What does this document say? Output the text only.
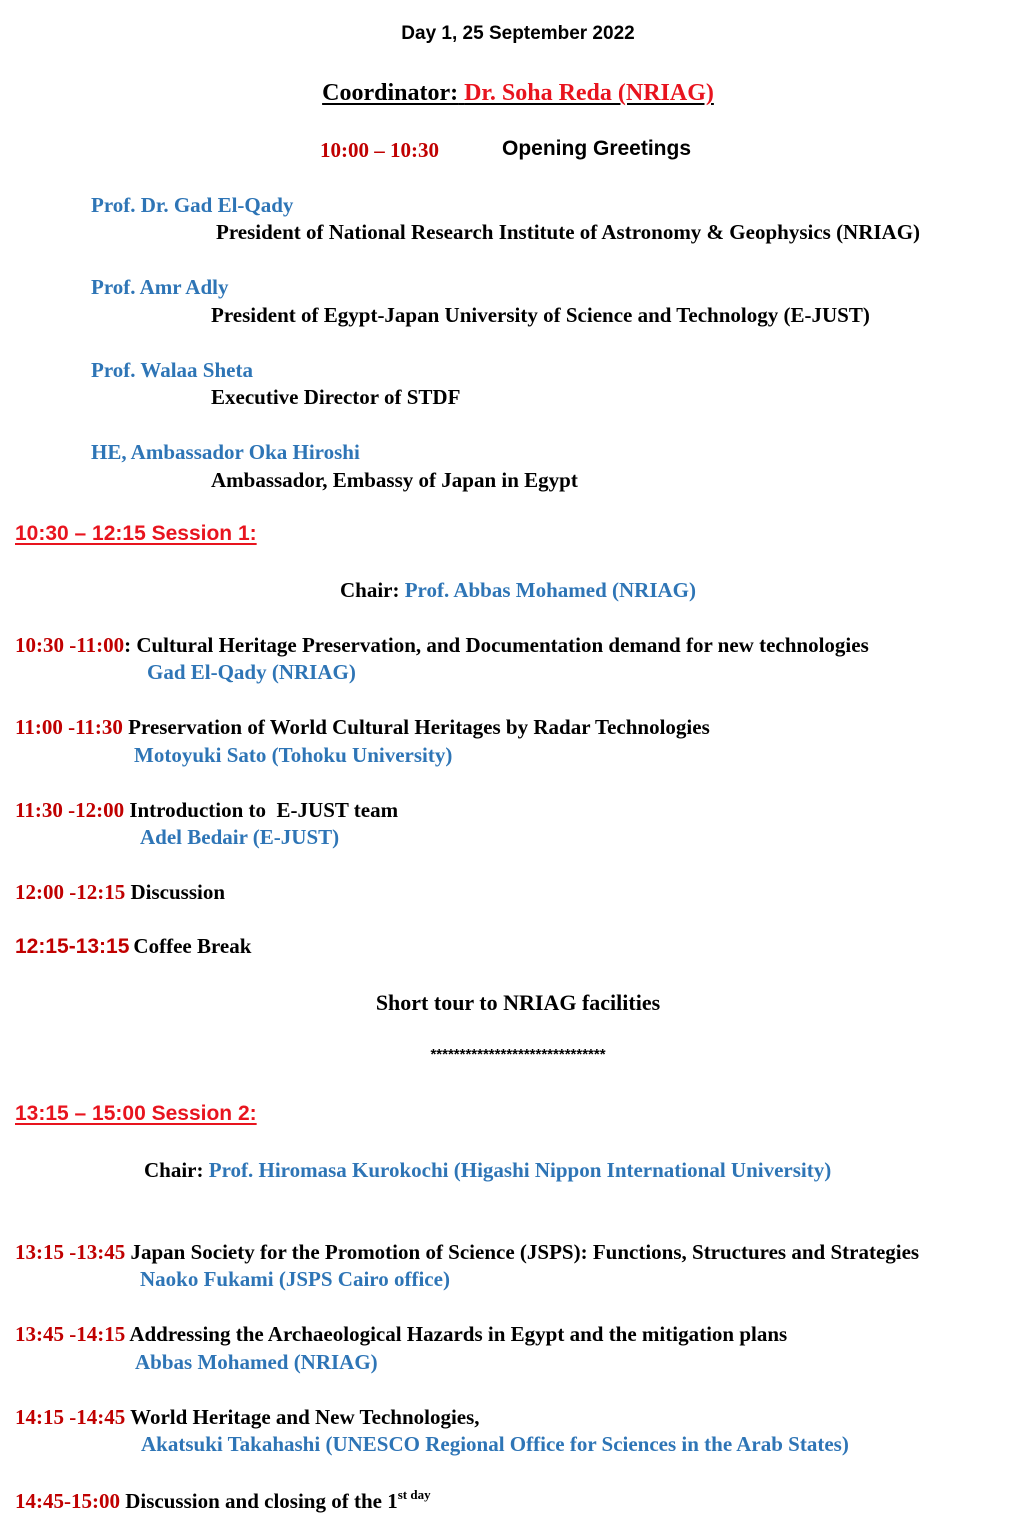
Day 1, 25 September 2022
Coordinator: Dr. Soha Reda (NRIAG)
10:00 – 10:30	Opening Greetings
Prof. Dr. Gad El-Qady
President of National Research Institute of Astronomy & Geophysics (NRIAG)
Prof. Amr Adly
President of Egypt-Japan University of Science and Technology (E-JUST)
Prof. Walaa Sheta
Executive Director of STDF
HE, Ambassador Oka Hiroshi
Ambassador, Embassy of Japan in Egypt
10:30 – 12:15 Session 1:
Chair: Prof. Abbas Mohamed (NRIAG)
10:30 -11:00: Cultural Heritage Preservation, and Documentation demand for new technologies
Gad El-Qady (NRIAG)
11:00 -11:30 Preservation of World Cultural Heritages by Radar Technologies
Motoyuki Sato (Tohoku University)
11:30 -12:00 Introduction to  E-JUST team
Adel Bedair (E-JUST)
12:00 -12:15 Discussion
12:15-13:15 Coffee Break
Short tour to NRIAG facilities
******************************
13:15 – 15:00 Session 2:
Chair: Prof. Hiromasa Kurokochi (Higashi Nippon International University)
13:15 -13:45 Japan Society for the Promotion of Science (JSPS): Functions, Structures and Strategies
Naoko Fukami (JSPS Cairo office)
13:45 -14:15 Addressing the Archaeological Hazards in Egypt and the mitigation plans
Abbas Mohamed (NRIAG)
14:15 -14:45 World Heritage and New Technologies,
Akatsuki Takahashi (UNESCO Regional Office for Sciences in the Arab States)
14:45-15:00 Discussion and closing of the $1^{st day}$
